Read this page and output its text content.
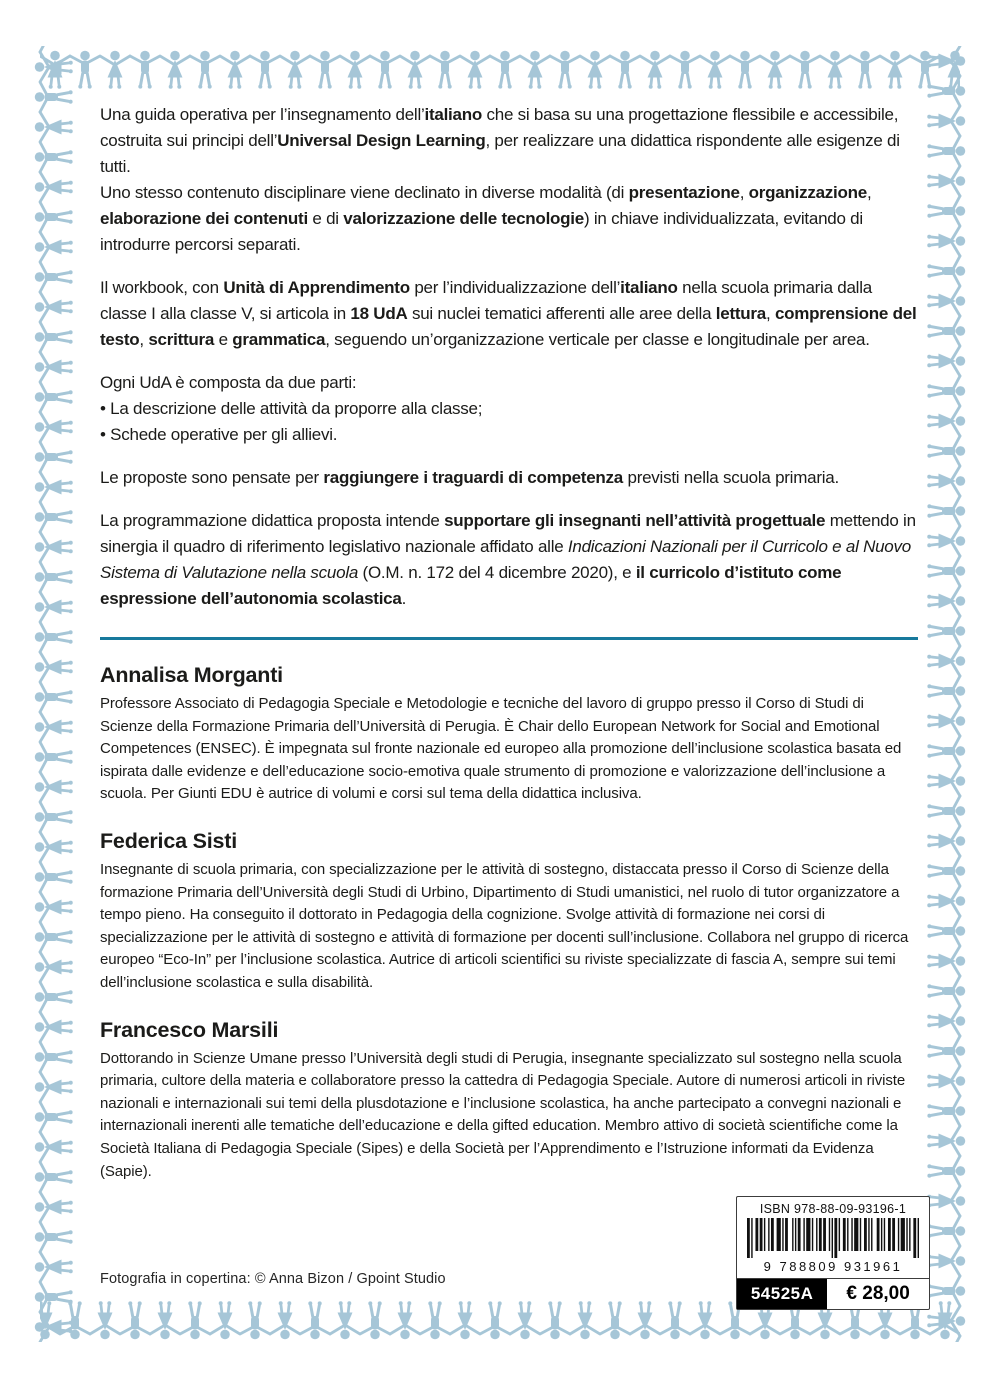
Una guida operativa per l’insegnamento dell’italiano che si basa su una progettazione flessibile e accessibile, costruita sui principi dell’Universal Design Learning, per realizzare una didattica rispondente alle esigenze di tutti.

Uno stesso contenuto disciplinare viene declinato in diverse modalità (di presentazione, organizzazione, elaborazione dei contenuti e di valorizzazione delle tecnologie) in chiave individualizzata, evitando di introdurre percorsi separati.

Il workbook, con Unità di Apprendimento per l’individualizzazione dell’italiano nella scuola primaria dalla classe I alla classe V, si articola in 18 UdA sui nuclei tematici afferenti alle aree della lettura, comprensione del testo, scrittura e grammatica, seguendo un’organizzazione verticale per classe e longitudinale per area.

Ogni UdA è composta da due parti:

• La descrizione delle attività da proporre alla classe;

• Schede operative per gli allievi.

Le proposte sono pensate per raggiungere i traguardi di competenza previsti nella scuola primaria.

La programmazione didattica proposta intende supportare gli insegnanti nell’attività progettuale mettendo in sinergia il quadro di riferimento legislativo nazionale affidato alle Indicazioni Nazionali per il Curricolo e al Nuovo Sistema di Valutazione nella scuola (O.M. n. 172 del 4 dicembre 2020), e il curricolo d’istituto come espressione dell’autonomia scolastica.

Annalisa Morganti

Professore Associato di Pedagogia Speciale e Metodologie e tecniche del lavoro di gruppo presso il Corso di Studi di Scienze della Formazione Primaria dell’Università di Perugia. È Chair dello European Network for Social and Emotional Competences (ENSEC). È impegnata sul fronte nazionale ed europeo alla promozione dell’inclusione scolastica basata ed ispirata dalle evidenze e dell’educazione socio-emotiva quale strumento di promozione e valorizzazione dell’inclusione a scuola. Per Giunti EDU è autrice di volumi e corsi sul tema della didattica inclusiva.

Federica Sisti

Insegnante di scuola primaria, con specializzazione per le attività di sostegno, distaccata presso il Corso di Scienze della formazione Primaria dell’Università degli Studi di Urbino, Dipartimento di Studi umanistici, nel ruolo di tutor organizzatore a tempo pieno. Ha conseguito il dottorato in Pedagogia della cognizione. Svolge attività di formazione nei corsi di specializzazione per le attività di sostegno e attività di formazione per docenti sull’inclusione. Collabora nel gruppo di ricerca europeo “Eco-In” per l’inclusione scolastica. Autrice di articoli scientifici su riviste specializzate di fascia A, sempre sui temi dell’inclusione scolastica e sulla disabilità.

Francesco Marsili

Dottorando in Scienze Umane presso l’Università degli studi di Perugia, insegnante specializzato sul sostegno nella scuola primaria, cultore della materia e collaboratore presso la cattedra di Pedagogia Speciale. Autore di numerosi articoli in riviste nazionali e internazionali sui temi della plusdotazione e l’inclusione scolastica, ha anche partecipato a convegni nazionali e internazionali inerenti alle tematiche dell’educazione e della gifted education. Membro attivo di società scientifiche come la Società Italiana di Pedagogia Speciale (Sipes) e della Società per l’Apprendimento e l’Istruzione informati da Evidenza (Sapie).

Fotografia in copertina: © Anna Bizon / Gpoint Studio
ISBN 978-88-09-93196-1
9 788809 931961
54525A	€ 28,00
